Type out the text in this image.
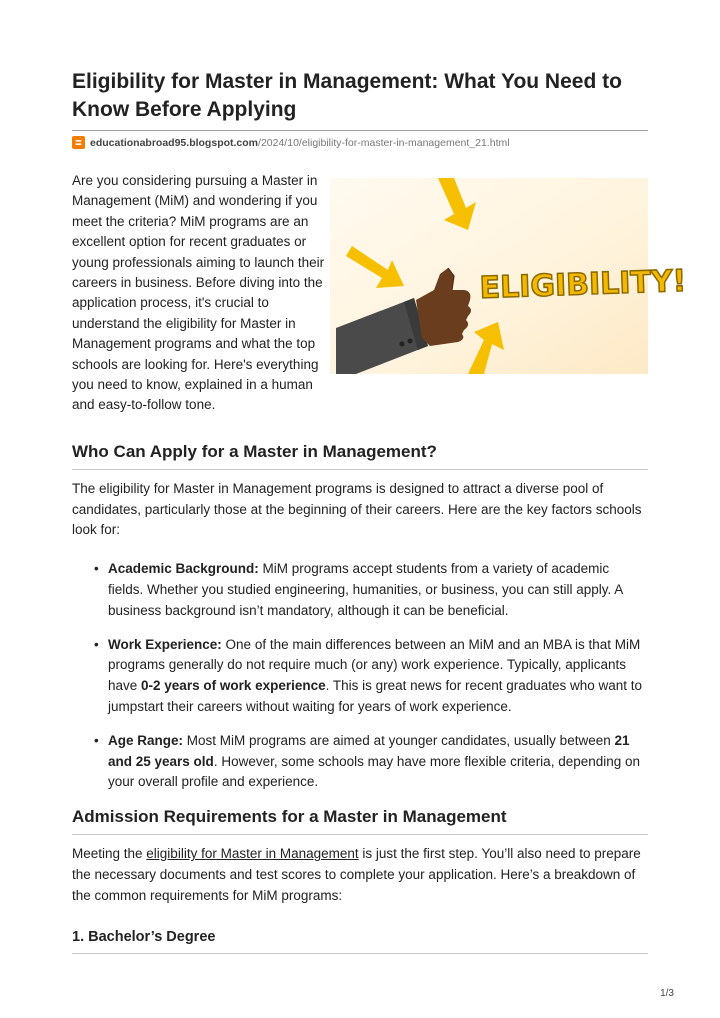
Eligibility for Master in Management: What You Need to Know Before Applying
educationabroad95.blogspot.com /2024/10/eligibility-for-master-in-management_21.html

Are you considering pursuing a Master in Management (MiM) and wondering if you meet the criteria? MiM programs are an excellent option for recent graduates or young professionals aiming to launch their careers in business. Before diving into the application process, it's crucial to understand the eligibility for Master in Management programs and what the top schools are looking for. Here's everything you need to know, explained in a human and easy-to-follow tone.

ELIGIBILITY!
Who Can Apply for a Master in Management?

The eligibility for Master in Management programs is designed to attract a diverse pool of candidates, particularly those at the beginning of their careers. Here are the key factors schools look for:

• Academic Background: MiM programs accept students from a variety of academic fields. Whether you studied engineering, humanities, or business, you can still apply. A business background isn’t mandatory, although it can be beneficial.
• Work Experience: One of the main differences between an MiM and an MBA is that MiM programs generally do not require much (or any) work experience. Typically, applicants have 0-2 years of work experience. This is great news for recent graduates who want to jumpstart their careers without waiting for years of work experience.
• Age Range: Most MiM programs are aimed at younger candidates, usually between 21 and 25 years old. However, some schools may have more flexible criteria, depending on your overall profile and experience.
Admission Requirements for a Master in Management

Meeting the eligibility for Master in Management is just the first step. You’ll also need to prepare the necessary documents and test scores to complete your application. Here’s a breakdown of the common requirements for MiM programs:

1. Bachelor’s Degree
1/3
